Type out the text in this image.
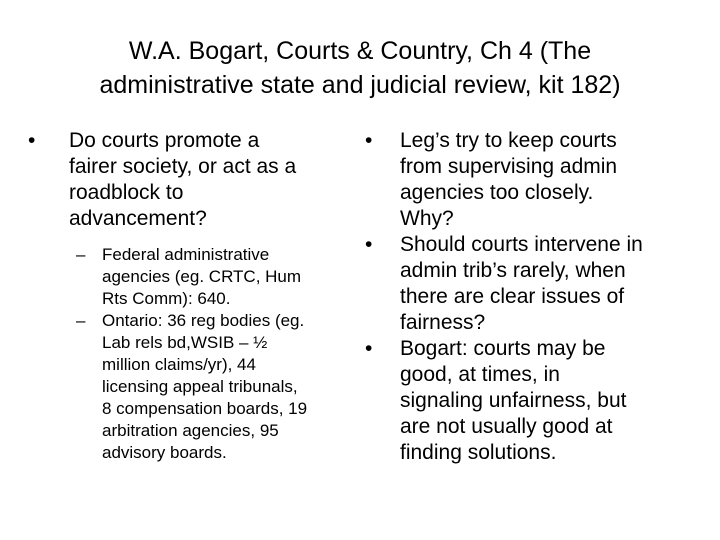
W.A. Bogart, Courts & Country, Ch 4 (The
administrative state and judicial review, kit 182)
• Do courts promote a
fairer society, or act as a
roadblock to
advancement?
– Federal administrative
agencies (eg. CRTC, Hum
Rts Comm): 640.
– Ontario: 36 reg bodies (eg.
Lab rels bd,WSIB – ½
million claims/yr), 44
licensing appeal tribunals,
8 compensation boards, 19
arbitration agencies, 95
advisory boards.
• Leg’s try to keep courts
from supervising admin
agencies too closely.
Why?
• Should courts intervene in
admin trib’s rarely, when
there are clear issues of
fairness?
• Bogart: courts may be
good, at times, in
signaling unfairness, but
are not usually good at
finding solutions.
